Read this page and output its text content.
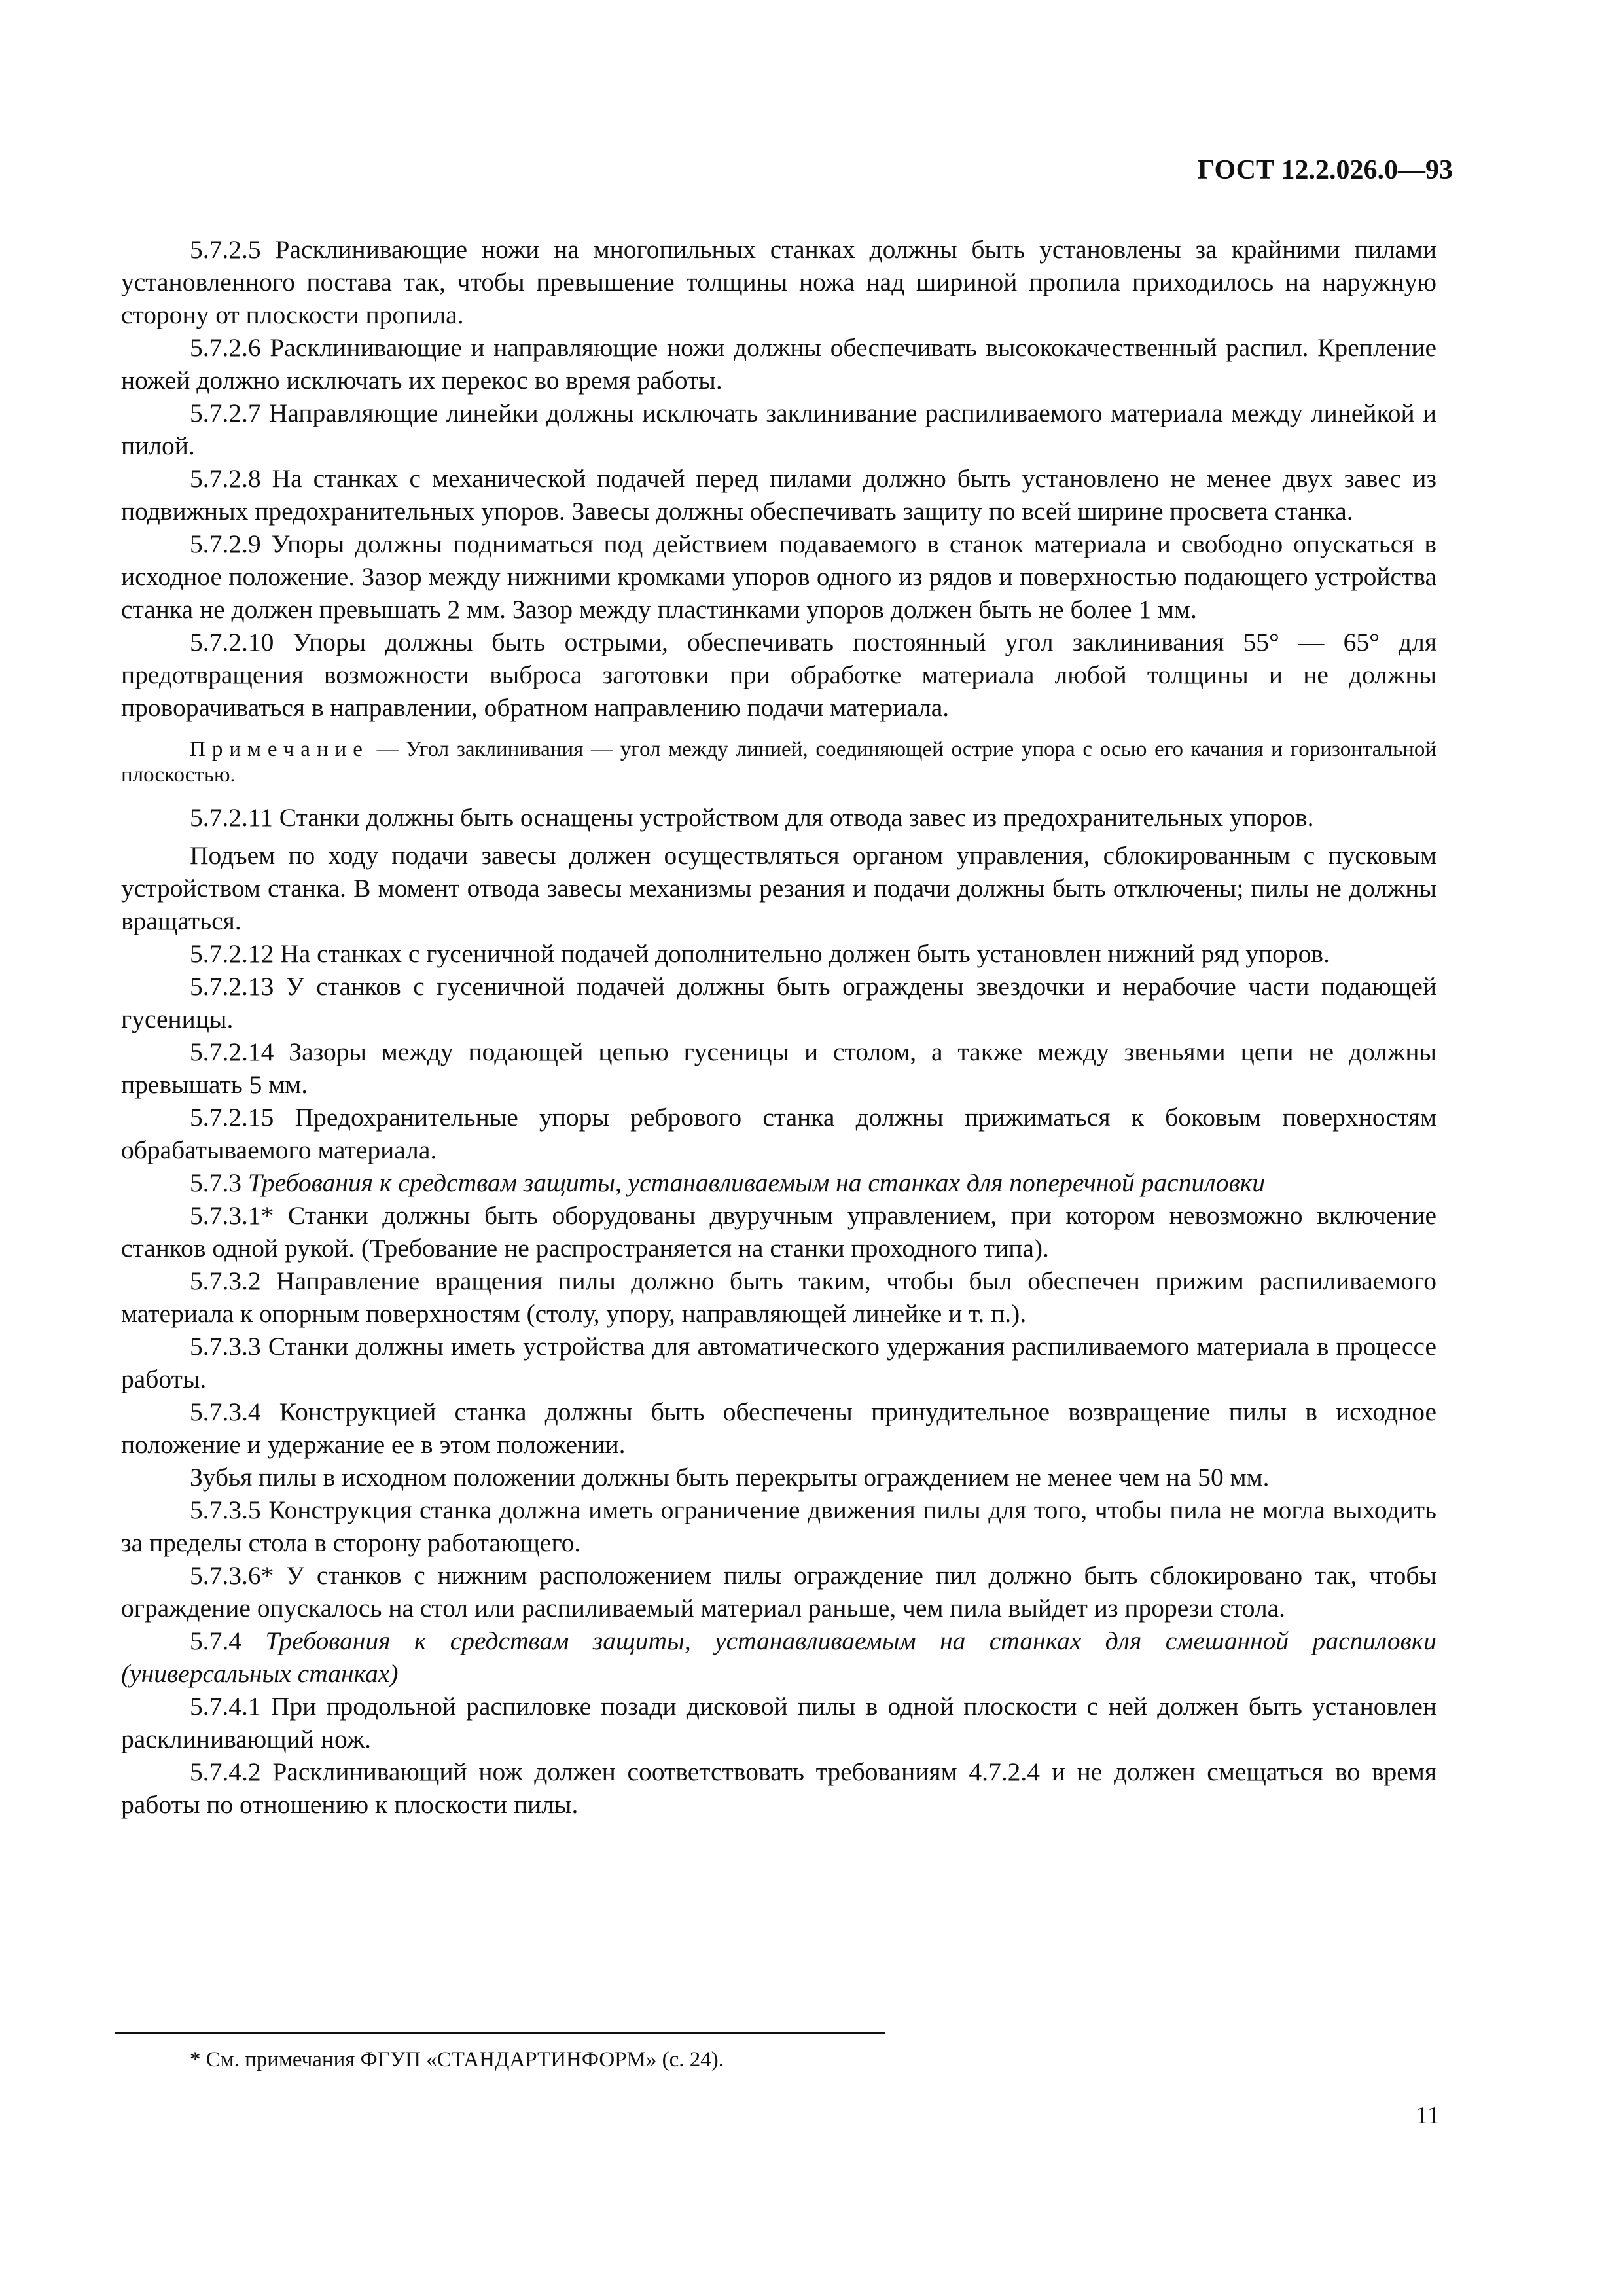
ГОСТ 12.2.026.0—93

5.7.2.5 Расклинивающие ножи на многопильных станках должны быть установлены за крайними пилами установленного постава так, чтобы превышение толщины ножа над шириной пропила приходилось на наружную сторону от плоскости пропила.

5.7.2.6 Расклинивающие и направляющие ножи должны обеспечивать высококачественный распил. Крепление ножей должно исключать их перекос во время работы.

5.7.2.7 Направляющие линейки должны исключать заклинивание распиливаемого материала между линейкой и пилой.

5.7.2.8 На станках с механической подачей перед пилами должно быть установлено не менее двух завес из подвижных предохранительных упоров. Завесы должны обеспечивать защиту по всей ширине просвета станка.

5.7.2.9 Упоры должны подниматься под действием подаваемого в станок материала и свободно опускаться в исходное положение. Зазор между нижними кромками упоров одного из рядов и поверхностью подающего устройства станка не должен превышать 2 мм. Зазор между пластинками упоров должен быть не более 1 мм.

5.7.2.10 Упоры должны быть острыми, обеспечивать постоянный угол заклинивания 55° — 65° для предотвращения возможности выброса заготовки при обработке материала любой толщины и не должны проворачиваться в направлении, обратном направлению подачи материала.

Примечание — Угол заклинивания — угол между линией, соединяющей острие упора с осью его качания и горизонтальной плоскостью.

5.7.2.11 Станки должны быть оснащены устройством для отвода завес из предохранительных упоров.

Подъем по ходу подачи завесы должен осуществляться органом управления, сблокированным с пусковым устройством станка. В момент отвода завесы механизмы резания и подачи должны быть отключены; пилы не должны вращаться.

5.7.2.12 На станках с гусеничной подачей дополнительно должен быть установлен нижний ряд упоров.

5.7.2.13 У станков с гусеничной подачей должны быть ограждены звездочки и нерабочие части подающей гусеницы.

5.7.2.14 Зазоры между подающей цепью гусеницы и столом, а также между звеньями цепи не должны превышать 5 мм.

5.7.2.15 Предохранительные упоры ребрового станка должны прижиматься к боковым поверхностям обрабатываемого материала.

5.7.3 Требования к средствам защиты, устанавливаемым на станках для поперечной распиловки

5.7.3.1* Станки должны быть оборудованы двуручным управлением, при котором невозможно включение станков одной рукой. (Требование не распространяется на станки проходного типа).

5.7.3.2 Направление вращения пилы должно быть таким, чтобы был обеспечен прижим распиливаемого материала к опорным поверхностям (столу, упору, направляющей линейке и т. п.).

5.7.3.3 Станки должны иметь устройства для автоматического удержания распиливаемого материала в процессе работы.

5.7.3.4 Конструкцией станка должны быть обеспечены принудительное возвращение пилы в исходное положение и удержание ее в этом положении.

Зубья пилы в исходном положении должны быть перекрыты ограждением не менее чем на 50 мм.

5.7.3.5 Конструкция станка должна иметь ограничение движения пилы для того, чтобы пила не могла выходить за пределы стола в сторону работающего.

5.7.3.6* У станков с нижним расположением пилы ограждение пил должно быть сблокировано так, чтобы ограждение опускалось на стол или распиливаемый материал раньше, чем пила выйдет из прорези стола.

5.7.4 Требования к средствам защиты, устанавливаемым на станках для смешанной распиловки (универсальных станках)

5.7.4.1 При продольной распиловке позади дисковой пилы в одной плоскости с ней должен быть установлен расклинивающий нож.

5.7.4.2 Расклинивающий нож должен соответствовать требованиям 4.7.2.4 и не должен смещаться во время работы по отношению к плоскости пилы.

* См. примечания ФГУП «СТАНДАРТИНФОРМ» (с. 24).
11
